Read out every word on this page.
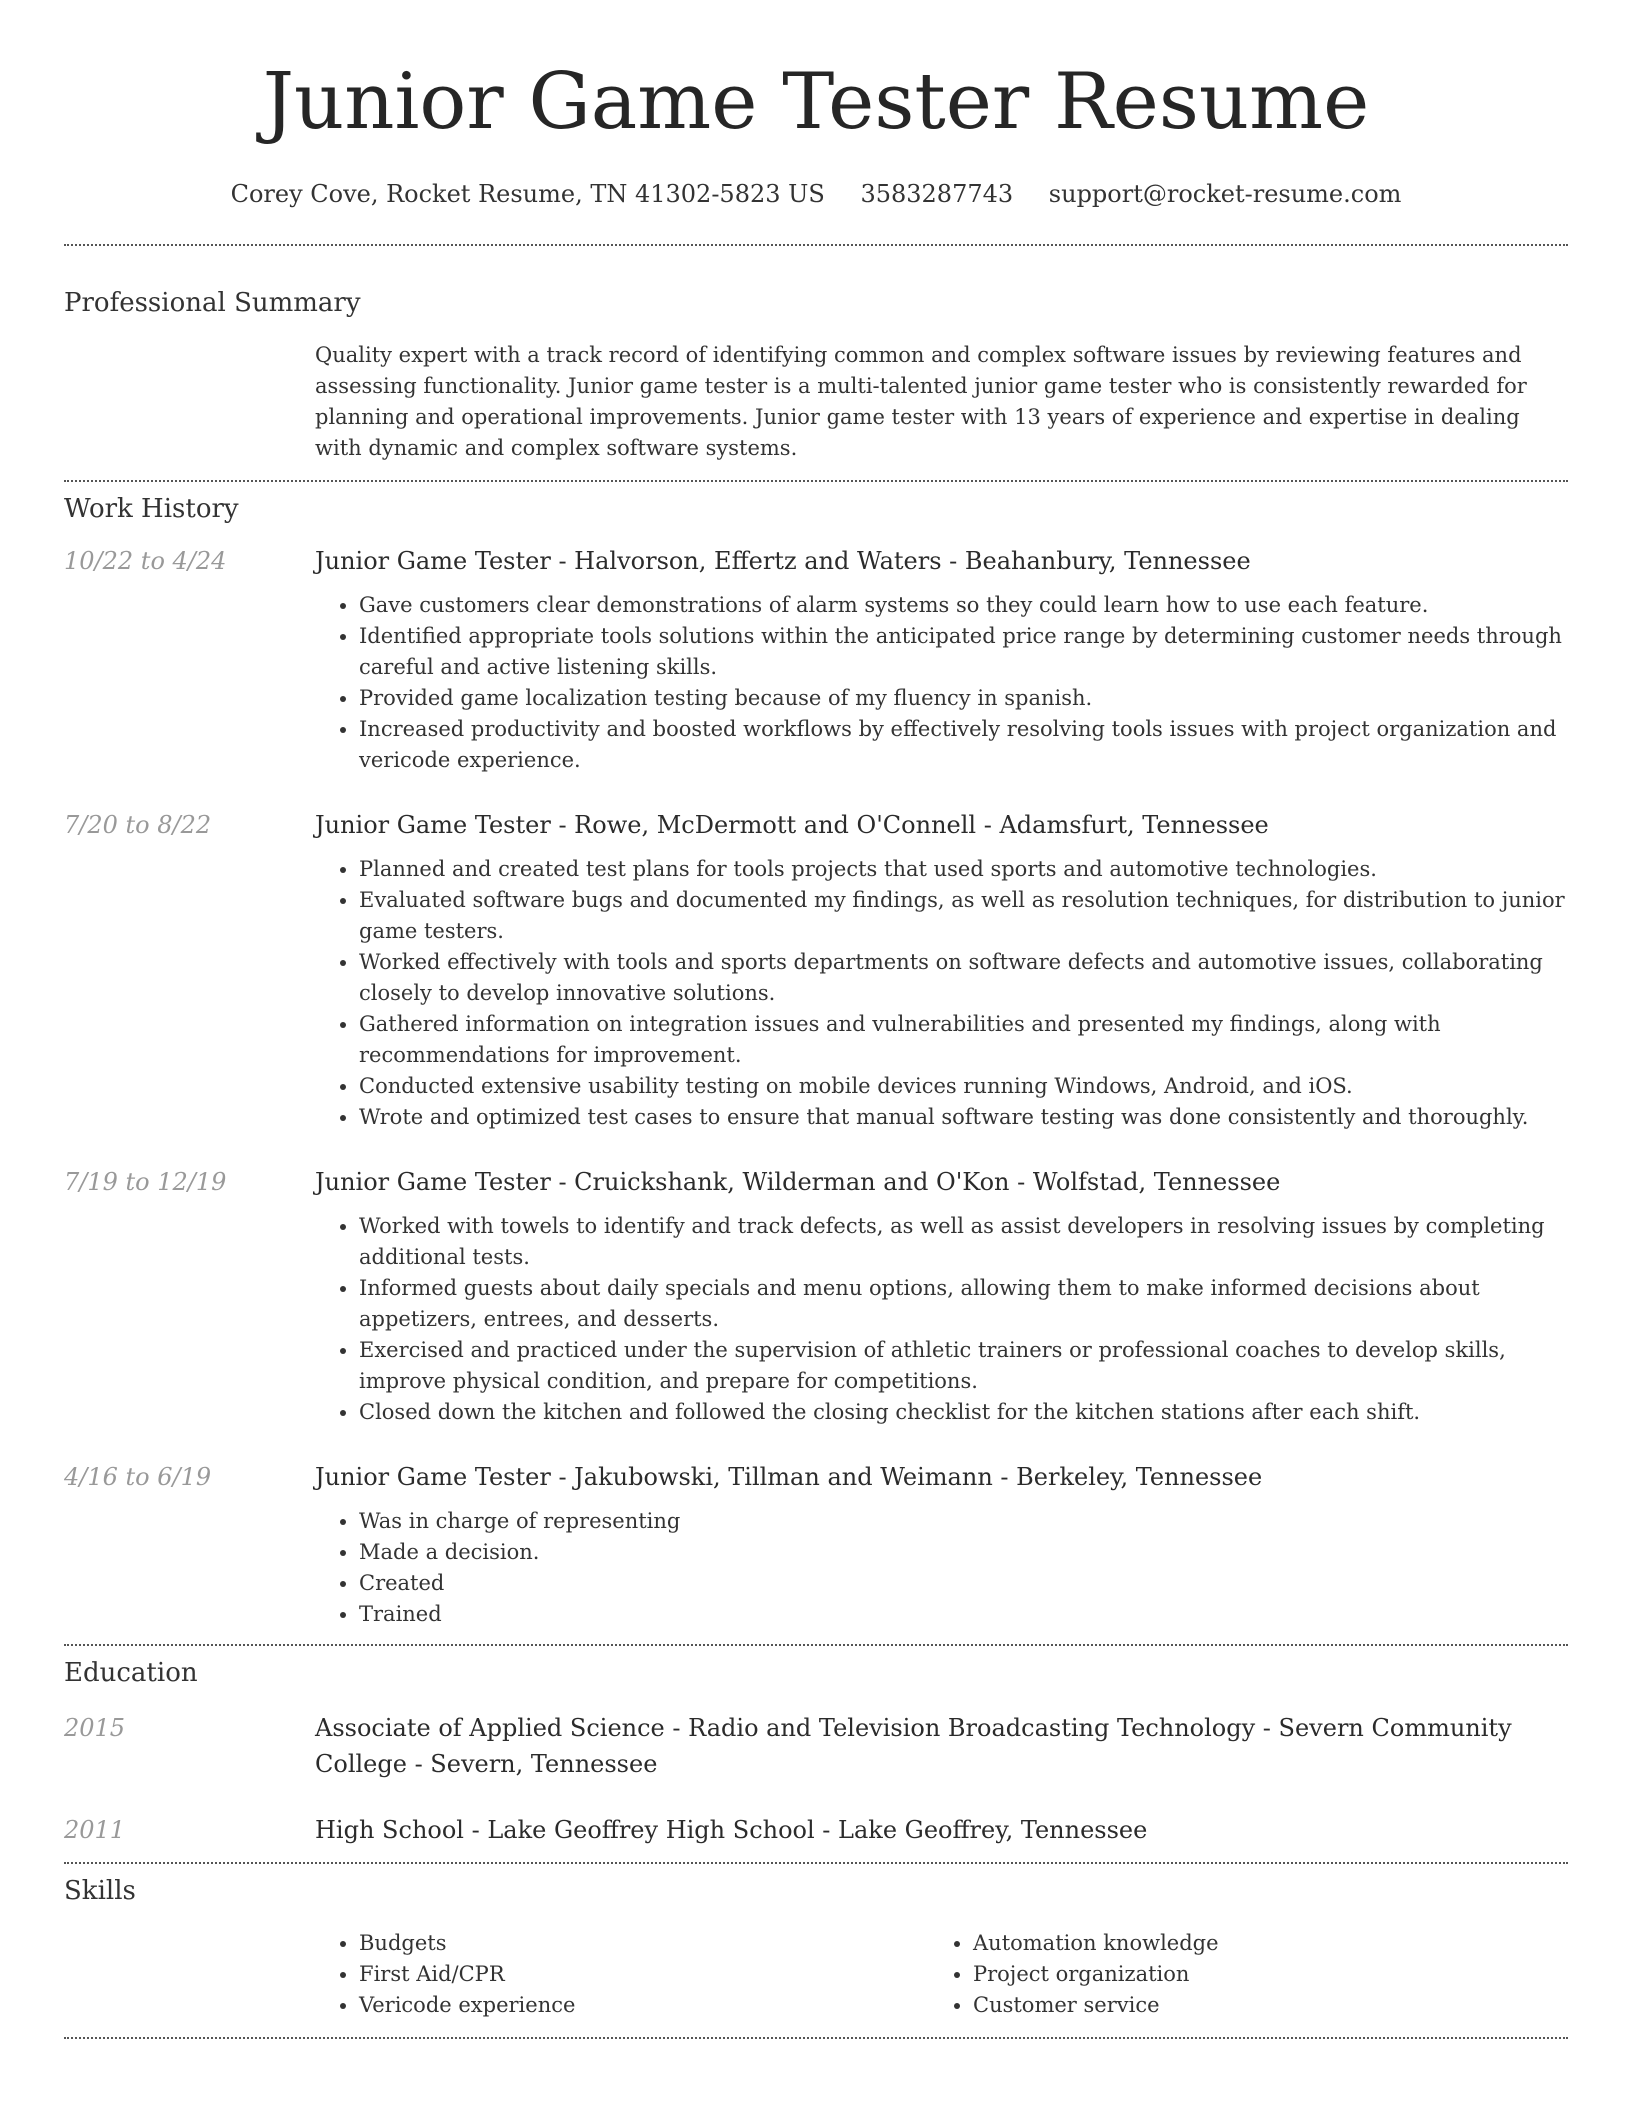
Junior Game Tester Resume
Corey Cove, Rocket Resume, TN 41302-5823 US 3583287743 support@rocket-resume.com
Professional Summary
Quality expert with a track record of identifying common and complex software issues by reviewing features and assessing functionality. Junior game tester is a multi-talented junior game tester who is consistently rewarded for planning and operational improvements. Junior game tester with 13 years of experience and expertise in dealing with dynamic and complex software systems.
Work History
10/22 to 4/24	Junior Game Tester - Halvorson, Effertz and Waters - Beahanbury, Tennessee
• Gave customers clear demonstrations of alarm systems so they could learn how to use each feature.
• Identified appropriate tools solutions within the anticipated price range by determining customer needs through careful and active listening skills.
• Provided game localization testing because of my fluency in spanish.
• Increased productivity and boosted workflows by effectively resolving tools issues with project organization and vericode experience.
7/20 to 8/22	Junior Game Tester - Rowe, McDermott and O'Connell - Adamsfurt, Tennessee
• Planned and created test plans for tools projects that used sports and automotive technologies.
• Evaluated software bugs and documented my findings, as well as resolution techniques, for distribution to junior game testers.
• Worked effectively with tools and sports departments on software defects and automotive issues, collaborating closely to develop innovative solutions.
• Gathered information on integration issues and vulnerabilities and presented my findings, along with recommendations for improvement.
• Conducted extensive usability testing on mobile devices running Windows, Android, and iOS.
• Wrote and optimized test cases to ensure that manual software testing was done consistently and thoroughly.
7/19 to 12/19	Junior Game Tester - Cruickshank, Wilderman and O'Kon - Wolfstad, Tennessee
• Worked with towels to identify and track defects, as well as assist developers in resolving issues by completing additional tests.
• Informed guests about daily specials and menu options, allowing them to make informed decisions about appetizers, entrees, and desserts.
• Exercised and practiced under the supervision of athletic trainers or professional coaches to develop skills, improve physical condition, and prepare for competitions.
• Closed down the kitchen and followed the closing checklist for the kitchen stations after each shift.
4/16 to 6/19	Junior Game Tester - Jakubowski, Tillman and Weimann - Berkeley, Tennessee
• Was in charge of representing
• Made a decision.
• Created
• Trained
Education
2015	Associate of Applied Science - Radio and Television Broadcasting Technology - Severn Community College - Severn, Tennessee
2011	High School - Lake Geoffrey High School - Lake Geoffrey, Tennessee
Skills
• Budgets
• First Aid/CPR
• Vericode experience
• Automation knowledge
• Project organization
• Customer service
